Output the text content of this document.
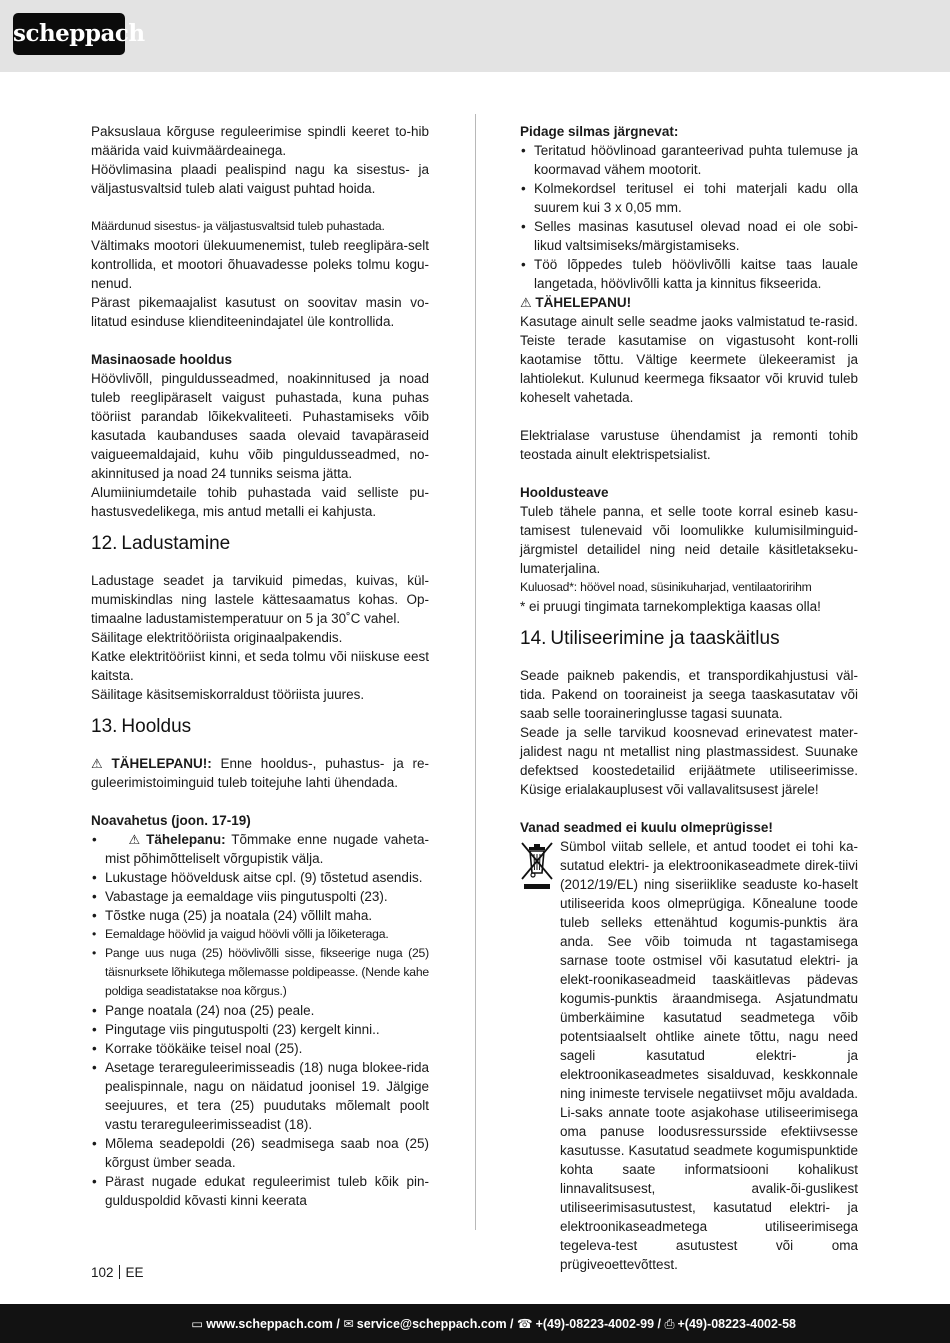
scheppach

Paksuslaua kõrguse reguleerimise spindli keeret to-hib määrida vaid kuivmäärdeainega.

Höövlimasina plaadi pealispind nagu ka sisestus- ja väljastusvaltsid tuleb alati vaigust puhtad hoida.

Määrdunud sisestus- ja väljastusvaltsid tuleb puhastada.

Vältimaks mootori ülekuumenemist, tuleb reeglipära-selt kontrollida, et mootori õhuavadesse poleks tolmu kogu-nenud.

Pärast pikemaajalist kasutust on soovitav masin vo-litatud esinduse klienditeenindajatel üle kontrollida.

Masinaosade hooldus

Höövlivõll, pinguldusseadmed, noakinnitused ja noad tuleb reeglipäraselt vaigust puhastada, kuna puhas tööriist parandab lõikekvaliteeti. Puhastamiseks võib kasutada kaubanduses saada olevaid tavapäraseid vaigueemaldajaid, kuhu võib pinguldusseadmed, no-akinnitused ja noad 24 tunniks seisma jätta.

Alumiiniumdetaile tohib puhastada vaid selliste pu-hastusvedelikega, mis antud metalli ei kahjusta.

12. Ladustamine

Ladustage seadet ja tarvikuid pimedas, kuivas, kül-mumiskindlas ning lastele kättesaamatus kohas. Op-timaalne ladustamistemperatuur on 5 ja 30˚C vahel.

Säilitage elektritööriista originaalpakendis.

Katke elektritööriist kinni, et seda tolmu või niiskuse eest kaitsta.

Säilitage käsitsemiskorraldust tööriista juures.

13. Hooldus

⚠ TÄHELEPANU!: Enne hooldus-, puhastus- ja re-guleerimistoiminguid tuleb toitejuhe lahti ühendada.

Noavahetus (joon. 17-19)
• ⚠ Tähelepanu: Tõmmake enne nugade vaheta-mist põhimõtteliselt võrgupistik välja.
• Lukustage hööveldusk aitse cpl. (9) tõstetud asendis.
• Vabastage ja eemaldage viis pingutuspolti (23).
• Tõstke nuga (25) ja noatala (24) võllilt maha.
• Eemaldage höövlid ja vaigud höövli võlli ja lõiketeraga.
• Pange uus nuga (25) höövlivõlli sisse, fikseerige nuga (25) täisnurksete lõhikutega mõlemasse poldipeasse. (Nende kahe poldiga seadistatakse noa kõrgus.)
• Pange noatala (24) noa (25) peale.
• Pingutage viis pingutuspolti (23) kergelt kinni..
• Korrake töökäike teisel noal (25).
• Asetage terareguleerimisseadis (18) nuga blokee-rida pealispinnale, nagu on näidatud joonisel 19. Jälgige seejuures, et tera (25) puudutaks mõlemalt poolt vastu terareguleerimisseadist (18).
• Mõlema seadepoldi (26) seadmisega saab noa (25) kõrgust ümber seada.
• Pärast nugade edukat reguleerimist tuleb kõik pin-gulduspoldid kõvasti kinni keerata
Pidage silmas järgnevat:
• Teritatud höövlinoad garanteerivad puhta tulemuse ja koormavad vähem mootorit.
• Kolmekordsel teritusel ei tohi materjali kadu olla suurem kui 3 x 0,05 mm.
• Selles masinas kasutusel olevad noad ei ole sobi-likud valtsimiseks/märgistamiseks.
• Töö lõppedes tuleb höövlivõlli kaitse taas lauale langetada, höövlivõlli katta ja kinnitus fikseerida.
⚠ TÄHELEPANU!

Kasutage ainult selle seadme jaoks valmistatud te-rasid. Teiste terade kasutamise on vigastusoht kont-rolli kaotamise tõttu. Vältige keermete ülekeeramist ja lahtiolekut. Kulunud keermega fiksaator või kruvid tuleb koheselt vahetada.

Elektrialase varustuse ühendamist ja remonti tohib teostada ainult elektrispetsialist.

Hooldusteave

Tuleb tähele panna, et selle toote korral esineb kasu-tamisest tulenevaid või loomulikke kulumisilminguid-järgmistel detailidel ning neid detaile käsitletakseku-lumaterjalina.

Kuluosad*: höövel noad, süsinikuharjad, ventilaatoririhm

* ei pruugi tingimata tarnekomplektiga kaasas olla!

14. Utiliseerimine ja taaskäitlus

Seade paikneb pakendis, et transpordikahjustusi väl-tida. Pakend on tooraineist ja seega taaskasutatav või saab selle tooraineringlusse tagasi suunata.

Seade ja selle tarvikud koosnevad erinevatest mater-jalidest nagu nt metallist ning plastmassidest. Suunake defektsed koostedetailid erijäätmete utiliseerimisse. Küsige erialakauplusest või vallavalitsusest järele!

Vanad seadmed ei kuulu olmeprügisse!

Sümbol viitab sellele, et antud toodet ei tohi ka-sutatud elektri- ja elektroonikaseadmete direk-tiivi (2012/19/EL) ning siseriiklike seaduste ko-haselt utiliseerida koos olmeprügiga. Kõnealune toode tuleb selleks ettenähtud kogumis-punktis ära anda. See võib toimuda nt tagastamisega sarnase toote ostmisel või kasutatud elektri- ja elekt-roonikaseadmeid taaskäitlevas pädevas kogumis-punktis äraandmisega. Asjatundmatu ümberkäimine kasutatud seadmetega võib potentsiaalselt ohtlike ainete tõttu, nagu need sageli kasutatud elektri- ja elektroonikaseadmetes sisalduvad, keskkonnale ning inimeste tervisele negatiivset mõju avaldada. Li-saks annate toote asjakohase utiliseerimisega oma panuse loodusressursside efektiivsesse kasutusse. Kasutatud seadmete kogumispunktide kohta saate informatsiooni kohalikust linnavalitsusest, avalik-õi-guslikest utiliseerimisasutustest, kasutatud elektri- ja elektroonikaseadmetega utiliseerimisega tegeleva-test asutustest või oma prügiveoettevõttest.

102 EE
▭ www.scheppach.com / ✉ service@scheppach.com / ☎ +(49)-08223-4002-99 / ⎙ +(49)-08223-4002-58
